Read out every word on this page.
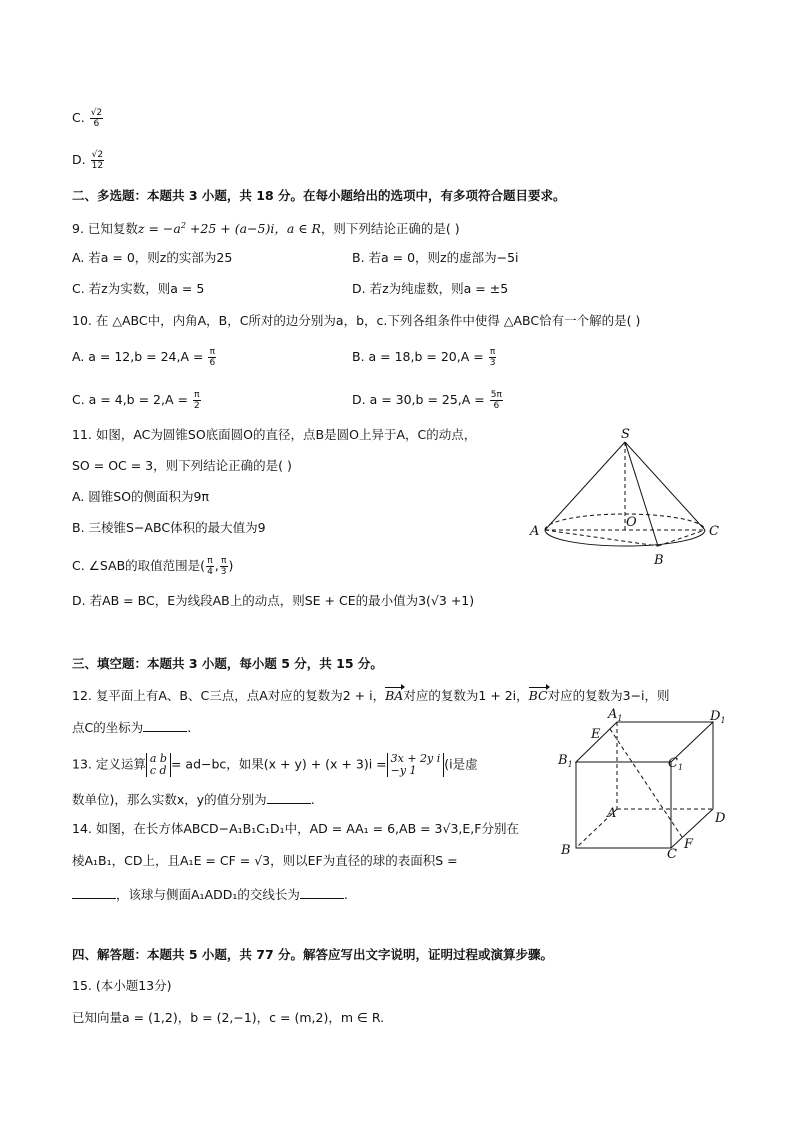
C. $\frac{√2}{6}$
D. $\frac{√2}{12}$
二、多选题：本题共 3 小题，共 18 分。在每小题给出的选项中，有多项符合题目要求。
9. 已知复数$z = -a^2 +25 + (a-5)i$，a ∈ R，则下列结论正确的是( )
A. 若a = 0，则z的实部为25	B. 若a = 0，则z的虚部为−5i
C. 若z为实数，则a = 5	D. 若z为纯虚数，则a = ±5
10. 在 △ABC中，内角A，B，C所对的边分别为a，b，c.下列各组条件中使得 △ABC恰有一个解的是( )
A. $a = 12,b = 24,A = \frac{\pi}{6}$	B. $a = 18,b = 20,A = \frac{\pi}{3}$
C. $a = 4,b = 2,A = \frac{\pi}{2}$	D. $a = 30,b = 25,A = \frac{5\pi}{6}$
11. 如图，AC为圆锥SO底面圆O的直径，点B是圆O上异于A，C的动点，
SO = OC = 3，则下列结论正确的是( )
A. 圆锥SO的侧面积为9π
B. 三棱锥S−ABC体积的最大值为9
C. ∠SAB的取值范围是( $\frac{\pi}{4}$ , $\frac{\pi}{3}$ )
D. 若AB = BC，E为线段AB上的动点，则SE + CE的最小值为3(√3 +1)
S
O
A	C
B
三、填空题：本题共 3 小题，每小题 5 分，共 15 分。
12. 复平面上有A、B、C三点，点A对应的复数为2 + i，BA对应的复数为1 + 2i，BC对应的复数为3−i，则
点C的坐标为	.
13. 定义运算 a b
c d = ad−bc，如果(x + y) + (x + 3)i = 3x + 2y i
−y 1	(i是虚
数单位)，那么实数x，y的值分别为	.
14. 如图，在长方体ABCD−A₁B₁C₁D₁中，AD = AA₁ = 6,AB = 3√3,E,F分别在
棱A₁B₁，CD上，且A₁E = CF = √3，则以EF为直径的球的表面积S =
，该球与侧面A₁ADD₁的交线长为	.
$A_1$	$D_1$
E
$B_1$	$C_1$
A	D
B	C
F
四、解答题：本题共 5 小题，共 77 分。解答应写出文字说明，证明过程或演算步骤。
15. (本小题13分)
已知向量a = (1,2)，b = (2,−1)，c = (m,2)，m ∈ R.
